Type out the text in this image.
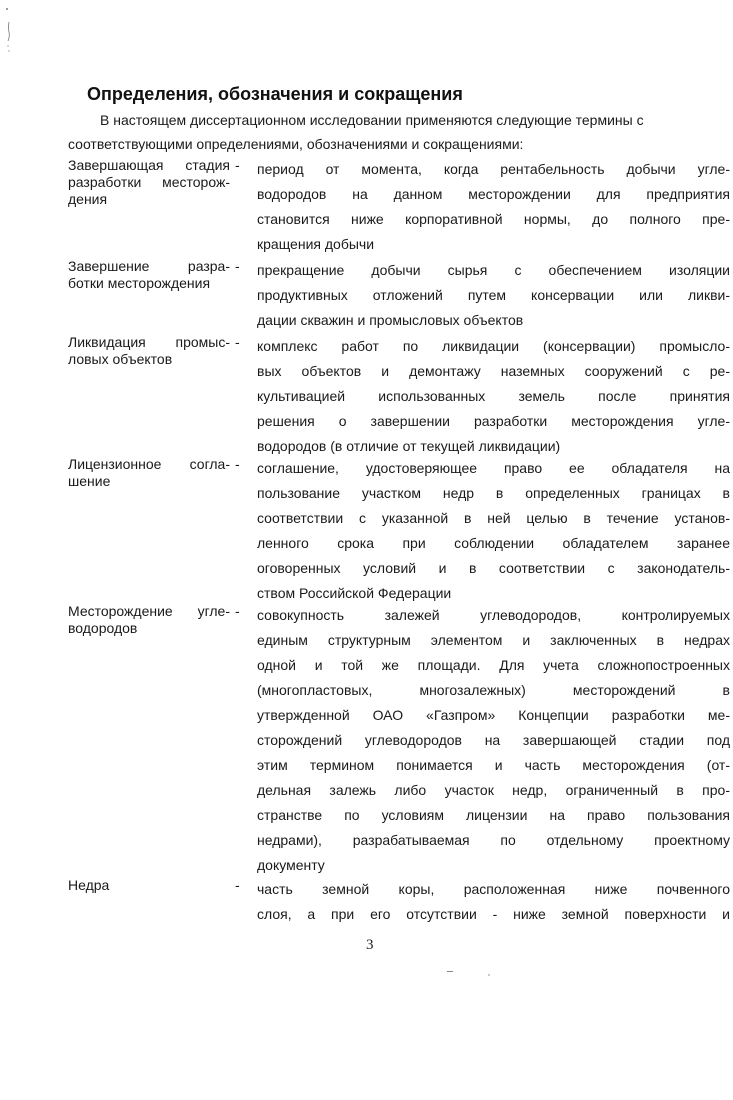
Определения, обозначения и сокращения
В настоящем диссертационном исследовании применяются следующие термины с
соответствующими определениями, обозначениями и сокращениями:
Завершающая стадия
разработки месторож-
дения
- период от момента, когда рентабельность добычи угле-
водородов на данном месторождении для предприятия
становится ниже корпоративной нормы, до полного пре-
кращения добычи
Завершение разра-
ботки месторождения
- прекращение добычи сырья с обеспечением изоляции
продуктивных отложений путем консервации или ликви-
дации скважин и промысловых объектов
Ликвидация промыс-
ловых объектов
- комплекс работ по ликвидации (консервации) промысло-
вых объектов и демонтажу наземных сооружений с ре-
культивацией использованных земель после принятия
решения о завершении разработки месторождения угле-
водородов (в отличие от текущей ликвидации)
Лицензионное согла-
шение
- соглашение, удостоверяющее право ее обладателя на
пользование участком недр в определенных границах в
соответствии с указанной в ней целью в течение установ-
ленного срока при соблюдении обладателем заранее
оговоренных условий и в соответствии с законодатель-
ством Российской Федерации
Месторождение угле-
водородов
- совокупность залежей углеводородов, контролируемых
единым структурным элементом и заключенных в недрах
одной и той же площади. Для учета сложнопостроенных
(многопластовых, многозалежных) месторождений в
утвержденной ОАО «Газпром» Концепции разработки ме-
сторождений углеводородов на завершающей стадии под
этим термином понимается и часть месторождения (от-
дельная залежь либо участок недр, ограниченный в про-
странстве по условиям лицензии на право пользования
недрами), разрабатываемая по отдельному проектному
документу
Недра	- часть земной коры, расположенная ниже почвенного
слоя, а при его отсутствии - ниже земной поверхности и
3
